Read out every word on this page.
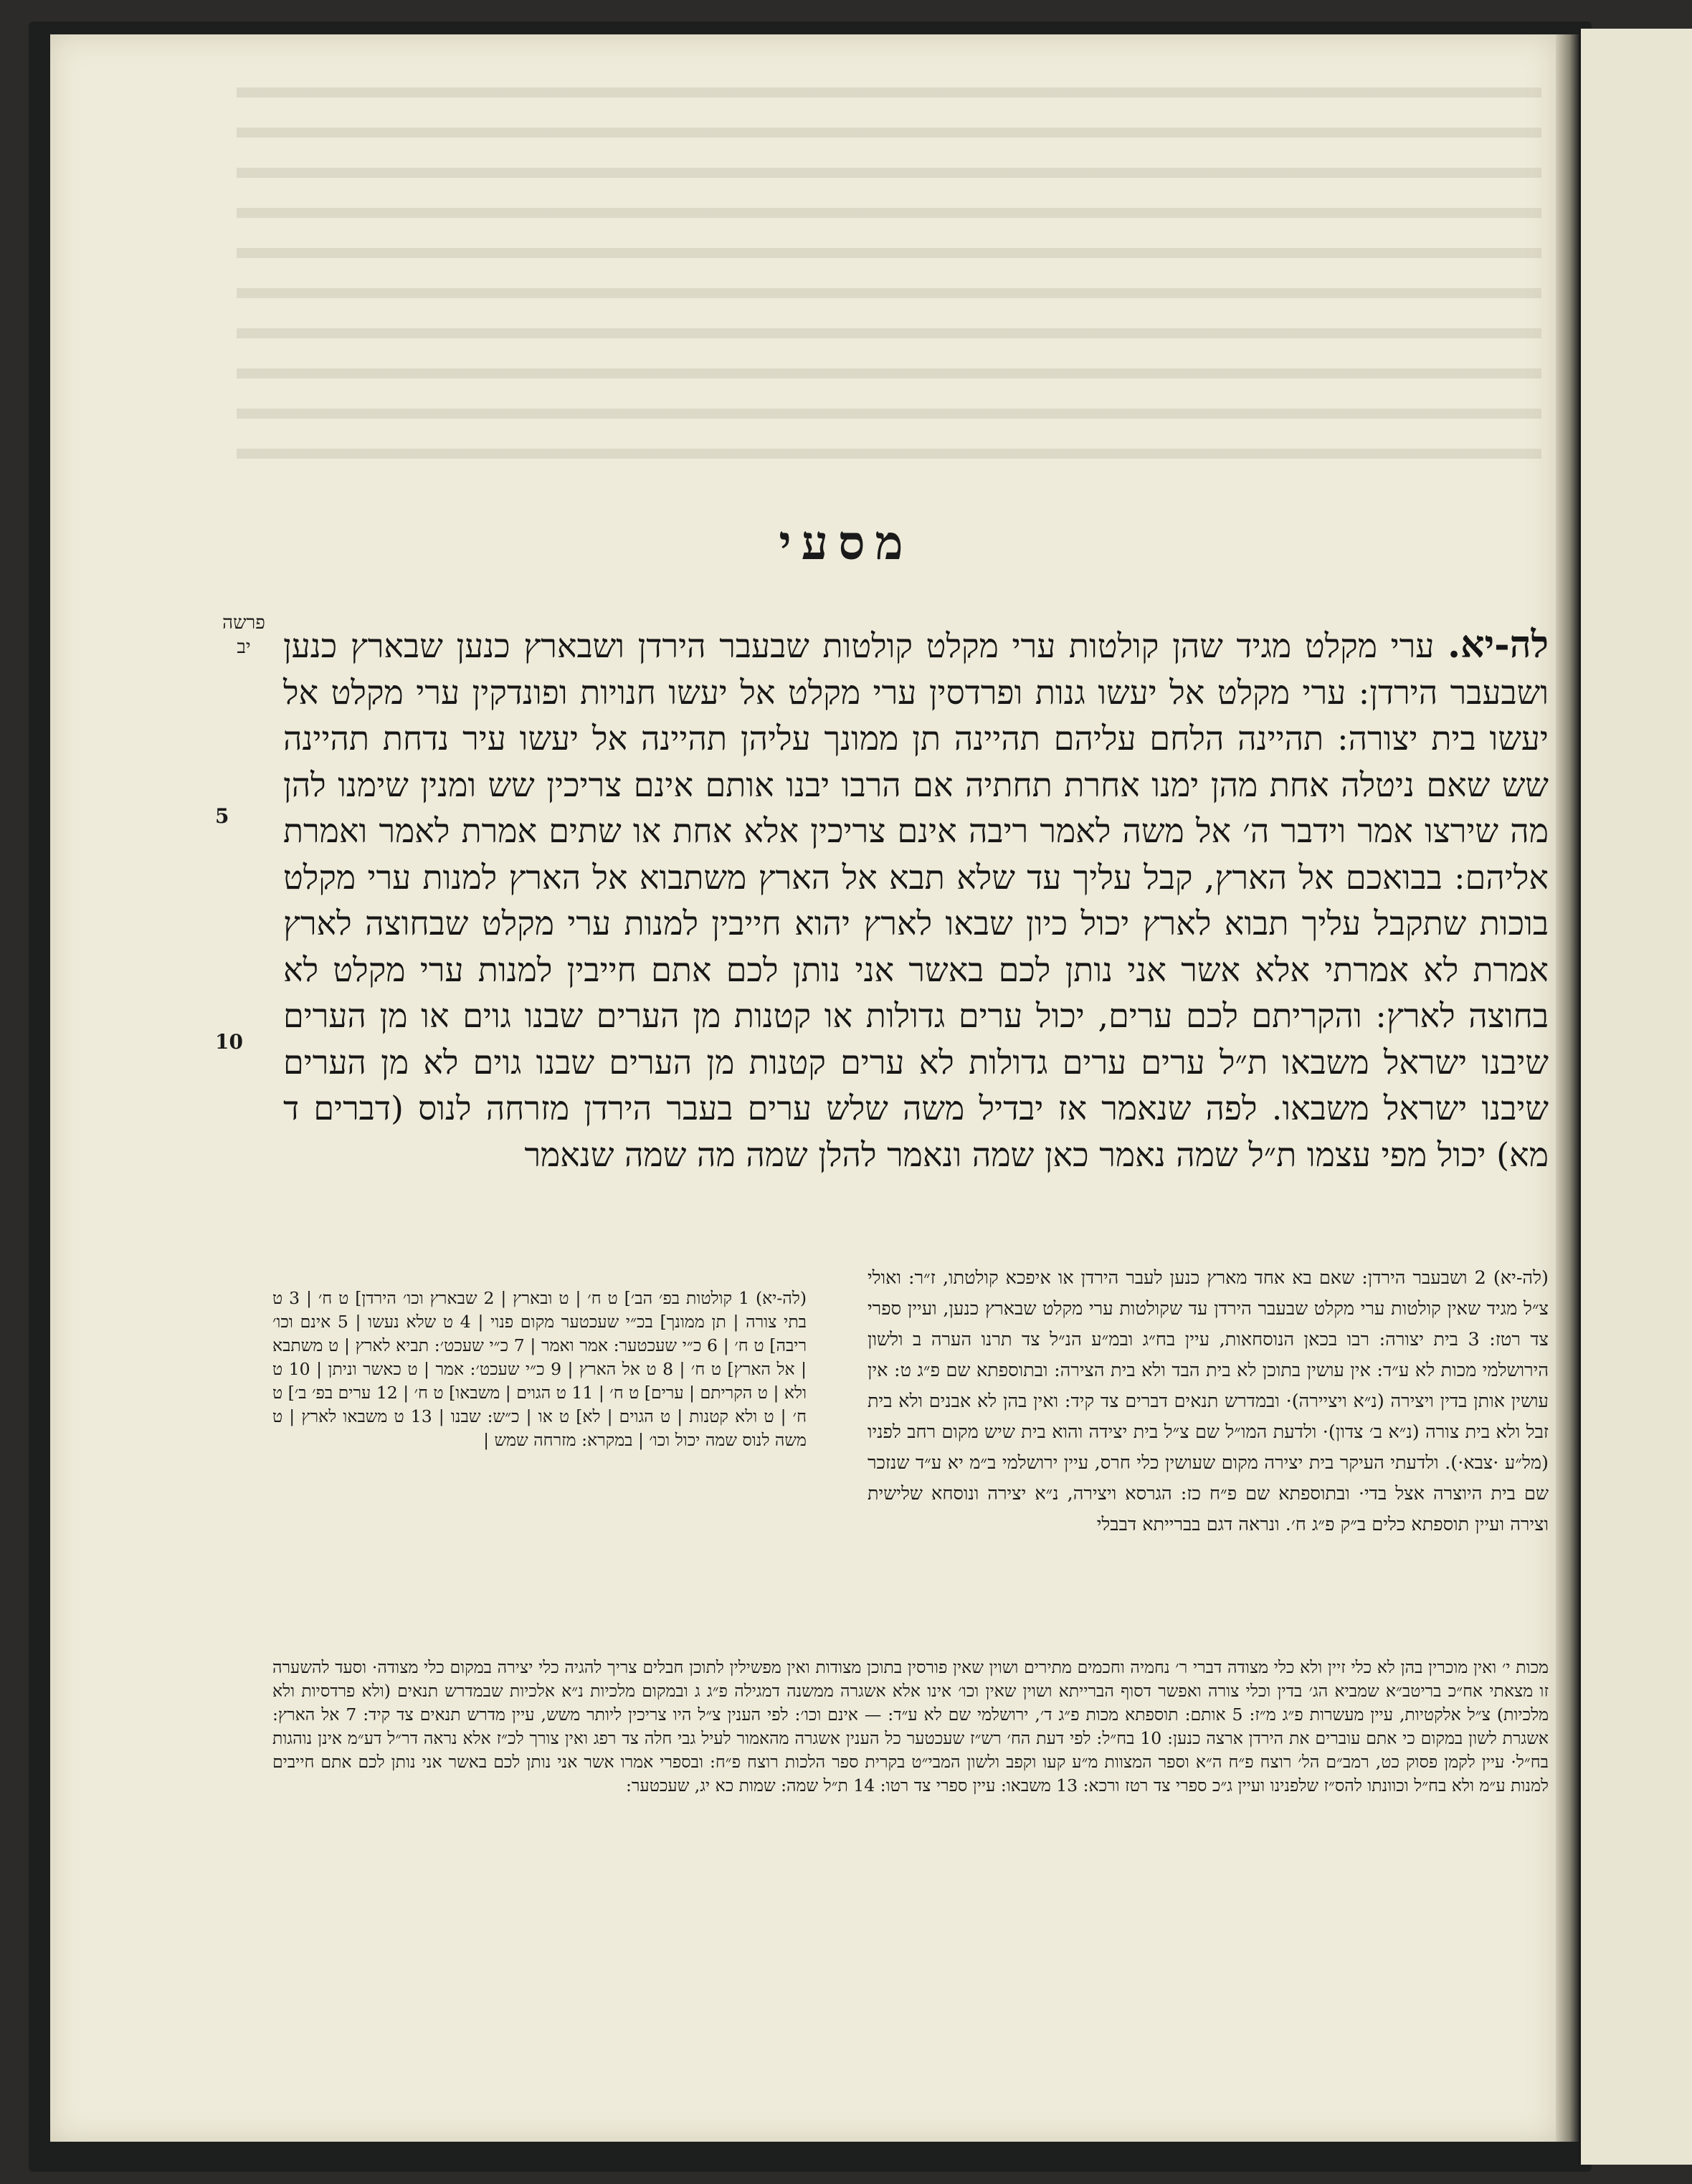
מסעי
פרשה
יב
5
10
לה-יא. ערי מקלט מגיד שהן קולטות ערי מקלט קולטות שבעבר הירדן ושבארץ כנען שבארץ כנען ושבעבר הירדן: ערי מקלט אל יעשו גנות ופרדסין ערי מקלט אל יעשו חנויות ופונדקין ערי מקלט אל יעשו בית יצורה: תהיינה הלחם עליהם תהיינה תן ממונך עליהן תהיינה אל יעשו עיר נדחת תהיינה שש שאם ניטלה אחת מהן ימנו אחרת תחתיה אם הרבו יבנו אותם אינם צריכין שש ומנין שימנו להן מה שירצו אמר וידבר ה׳ אל משה לאמר ריבה אינם צריכין אלא אחת או שתים אמרת לאמר ואמרת אליהם: בבואכם אל הארץ, קבל עליך עד שלא תבא אל הארץ משתבוא אל הארץ למנות ערי מקלט בוכות שתקבל עליך תבוא לארץ יכול כיון שבאו לארץ יהוא חייבין למנות ערי מקלט שבחוצה לארץ אמרת לא אמרתי אלא אשר אני נותן לכם באשר אני נותן לכם אתם חייבין למנות ערי מקלט לא בחוצה לארץ: והקריתם לכם ערים, יכול ערים גדולות או קטנות מן הערים שבנו גוים או מן הערים שיבנו ישראל משבאו ת״ל ערים ערים גדולות לא ערים קטנות מן הערים שבנו גוים לא מן הערים שיבנו ישראל משבאו. לפה שנאמר אז יבדיל משה שלש ערים בעבר הירדן מזרחה לנוס (דברים ד מא) יכול מפי עצמו ת״ל שמה נאמר כאן שמה ונאמר להלן שמה מה שמה שנאמר
(לה-יא) 1 קולטות בפ׳ הב׳] ט ח׳ | ט ובארץ | 2 שבארץ וכו׳ הירדן] ט ח׳ | 3 ט בתי צורה | תן ממונך] בכ״י שעכטער מקום פנוי | 4 ט שלא נעשו | 5 אינם וכו׳ ריבה] ט ח׳ | 6 כ״י שעכטער: אמר ואמר | 7 כ״י שעכט׳: תביא לארץ | ט משתבא | אל הארץ] ט ח׳ | 8 ט אל הארץ | 9 כ״י שעכט׳: אמר | ט כאשר וניתן | 10 ט ולא | ט הקריתם | ערים] ט ח׳ | 11 ט הגוים | משבאו] ט ח׳ | 12 ערים בפ׳ ב׳] ט ח׳ | ט ולא קטנות | ט הגוים | לא] ט או | כ״ש: שבנו | 13 ט משבאו לארץ | ט משה לנוס שמה יכול וכו׳ | במקרא: מזרחה שמש |
(לה-יא) 2 ושבעבר הירדן: שאם בא אחד מארץ כנען לעבר הירדן או איפכא קולטתו, ז״ר: ואולי צ״ל מגיד שאין קולטות ערי מקלט שבעבר הירדן עד שקולטות ערי מקלט שבארץ כנען, ועיין ספרי צד רטז: 3 בית יצורה: רבו בכאן הנוסחאות, עיין בח״ג ובמ״ע הנ״ל צד תרנו הערה ב ולשון הירושלמי מכות לא ע״ד: אין עושין בתוכן לא בית הבד ולא בית הצירה: ובתוספתא שם פ״ג ט: אין עושין אותן בדין ויצירה (נ״א ויציירה)· ובמדרש תנאים דברים צד קיד: ואין בהן לא אבנים ולא בית זבל ולא בית צורה (נ״א ב׳ צדון)· ולדעת המו״ל שם צ״ל בית יצידה והוא בית שיש מקום רחב לפניו (מל״ע ·צבא·). ולדעתי העיקר בית יצירה מקום שעושין כלי חרס, עיין ירושלמי ב״מ יא ע״ד שנזכר שם בית היוצרה אצל בדי· ובתוספתא שם פ״ח כז: הגרסא ויצירה, נ״א יצירה ונוסחא שלישית וצירה ועיין תוספתא כלים ב״ק פ״ג ח׳. ונראה דגם בברייתא דבבלי
מכות י׳ ואין מוכרין בהן לא כלי זיין ולא כלי מצודה דברי ר׳ נחמיה וחכמים מתירים ושוין שאין פורסין בתוכן מצודות ואין מפשילין לתוכן חבלים צריך להגיה כלי יצירה במקום כלי מצודה· וסעד להשערה זו מצאתי אח״כ בריטב״א שמביא הג׳ בדין וכלי צורה ואפשר דסוף הברייתא ושוין שאין וכו׳ אינו אלא אשגרה ממשנה דמגילה פ״ג ג ובמקום מלכיות נ״א אלכיות שבמדרש תנאים (ולא פרדסיות ולא מלכיות) צ״ל אלקטיות, עיין מעשרות פ״ג מ״ז: 5 אותם: תוספתא מכות פ״ג ד׳, ירושלמי שם לא ע״ד: — אינם וכו׳: לפי הענין צ״ל היו צריכין ליותר משש, עיין מדרש תנאים צד קיד: 7 אל הארץ: אשגרת לשון במקום כי אתם עוברים את הירדן ארצה כנען: 10 בח״ל: לפי דעת הח׳ רש״ז שעכטער כל הענין אשגרה מהאמור לעיל גבי חלה צד רפג ואין צורך לכ״ז אלא נראה דר״ל דע״מ אינן נוהגות בח״ל· עיין לקמן פסוק כט, רמב״ם הל׳ רוצח פ״ח ה״א וספר המצוות מ״ע קעו וקפב ולשון המבי״ט בקרית ספר הלכות רוצח פ״ח: ובספרי אמרו אשר אני נותן לכם באשר אני נותן לכם אתם חייבים למנות ע״מ ולא בח״ל וכוונתו להס״ז שלפנינו ועיין ג״כ ספרי צד רטז ורכא: 13 משבאו: עיין ספרי צד רטו: 14 ת״ל שמה: שמות כא יג, שעכטער:
